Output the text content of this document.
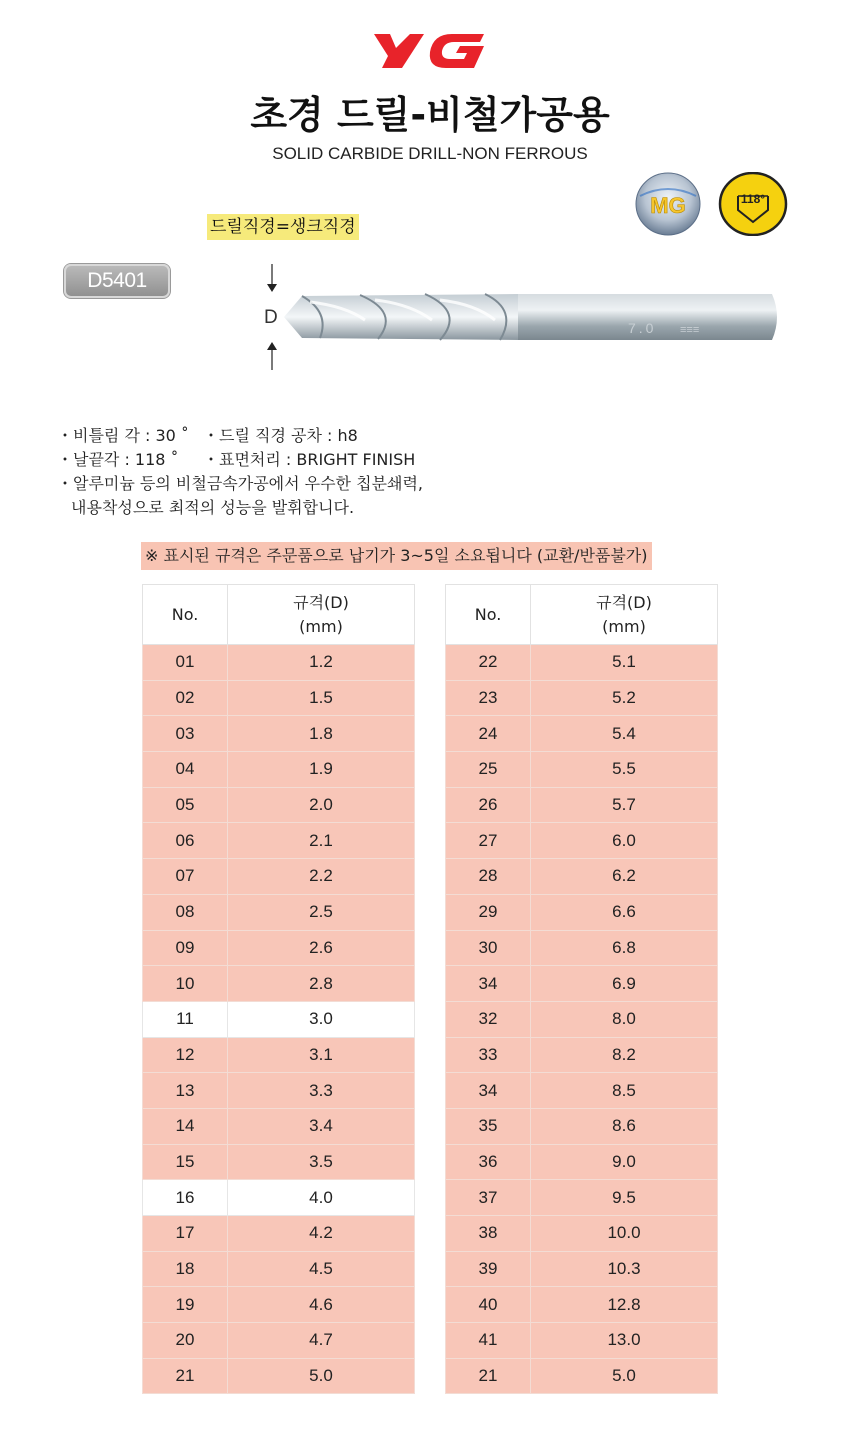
초경 드릴-비철가공용
SOLID CARBIDE DRILL-NON FERROUS
MG	118°
드릴직경=생크직경
D5401
D	7.0 ≡≡≡
・비틀림 각 : 30 ˚ ・드릴 직경 공차 : h8
・날끝각 : 118 ˚	・표면처리 : BRIGHT FINISH
・알루미늄 등의 비철금속가공에서 우수한 칩분쇄력,
내용착성으로 최적의 성능을 발휘합니다.
※ 표시된 규격은 주문품으로 납기가 3~5일 소요됩니다 (교환/반품불가)
No.	규격(D)
(mm)
01	1.2
02	1.5
03	1.8
04	1.9
05	2.0
06	2.1
07	2.2
08	2.5
09	2.6
10	2.8
11	3.0
12	3.1
13	3.3
14	3.4
15	3.5
16	4.0
17	4.2
18	4.5
19	4.6
20	4.7
21	5.0
No.	규격(D)
(mm)
22	5.1
23	5.2
24	5.4
25	5.5
26	5.7
27	6.0
28	6.2
29	6.6
30	6.8
34	6.9
32	8.0
33	8.2
34	8.5
35	8.6
36	9.0
37	9.5
38	10.0
39	10.3
40	12.8
41	13.0
21	5.0
